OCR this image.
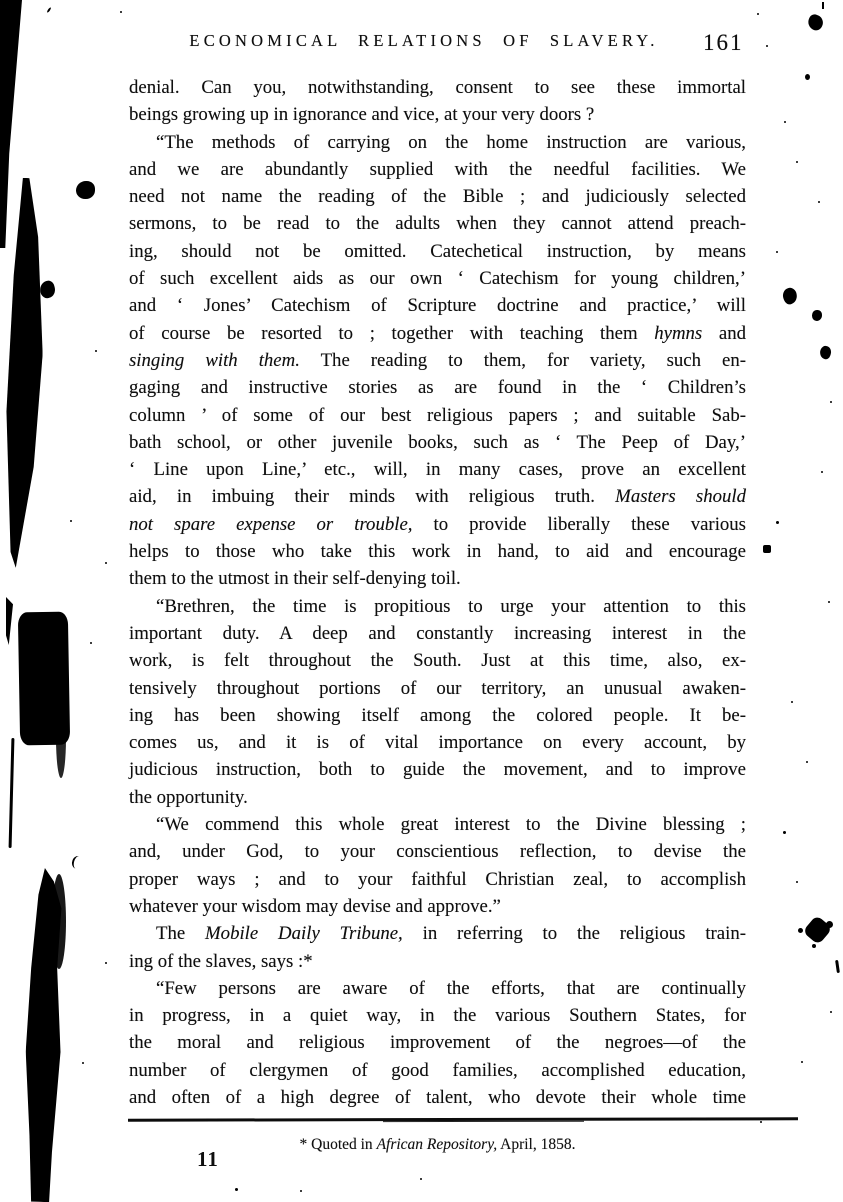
ECONOMICAL RELATIONS OF SLAVERY.	161
denial. Can you, notwithstanding, consent to see these immortal
beings growing up in ignorance and vice, at your very doors ?
“The methods of carrying on the home instruction are various,
and we are abundantly supplied with the needful facilities. We
need not name the reading of the Bible ; and judiciously selected
sermons, to be read to the adults when they cannot attend preach-
ing, should not be omitted. Catechetical instruction, by means
of such excellent aids as our own ‘ Catechism for young children,’
and ‘ Jones’ Catechism of Scripture doctrine and practice,’ will
of course be resorted to ; together with teaching them hymns and
singing with them. The reading to them, for variety, such en-
gaging and instructive stories as are found in the ‘ Children’s
column ’ of some of our best religious papers ; and suitable Sab-
bath school, or other juvenile books, such as ‘ The Peep of Day,’
‘ Line upon Line,’ etc., will, in many cases, prove an excellent
aid, in imbuing their minds with religious truth. Masters should
not spare expense or trouble, to provide liberally these various
helps to those who take this work in hand, to aid and encourage
them to the utmost in their self-denying toil.
“Brethren, the time is propitious to urge your attention to this
important duty. A deep and constantly increasing interest in the
work, is felt throughout the South. Just at this time, also, ex-
tensively throughout portions of our territory, an unusual awaken-
ing has been showing itself among the colored people. It be-
comes us, and it is of vital importance on every account, by
judicious instruction, both to guide the movement, and to improve
the opportunity.
“We commend this whole great interest to the Divine blessing ;
and, under God, to your conscientious reflection, to devise the
proper ways ; and to your faithful Christian zeal, to accomplish
whatever your wisdom may devise and approve.”
The Mobile Daily Tribune, in referring to the religious train-
ing of the slaves, says :*
“Few persons are aware of the efforts, that are continually
in progress, in a quiet way, in the various Southern States, for
the moral and religious improvement of the negroes—of the
number of clergymen of good families, accomplished education,
and often of a high degree of talent, who devote their whole time
* Quoted in African Repository, April, 1858.
11
